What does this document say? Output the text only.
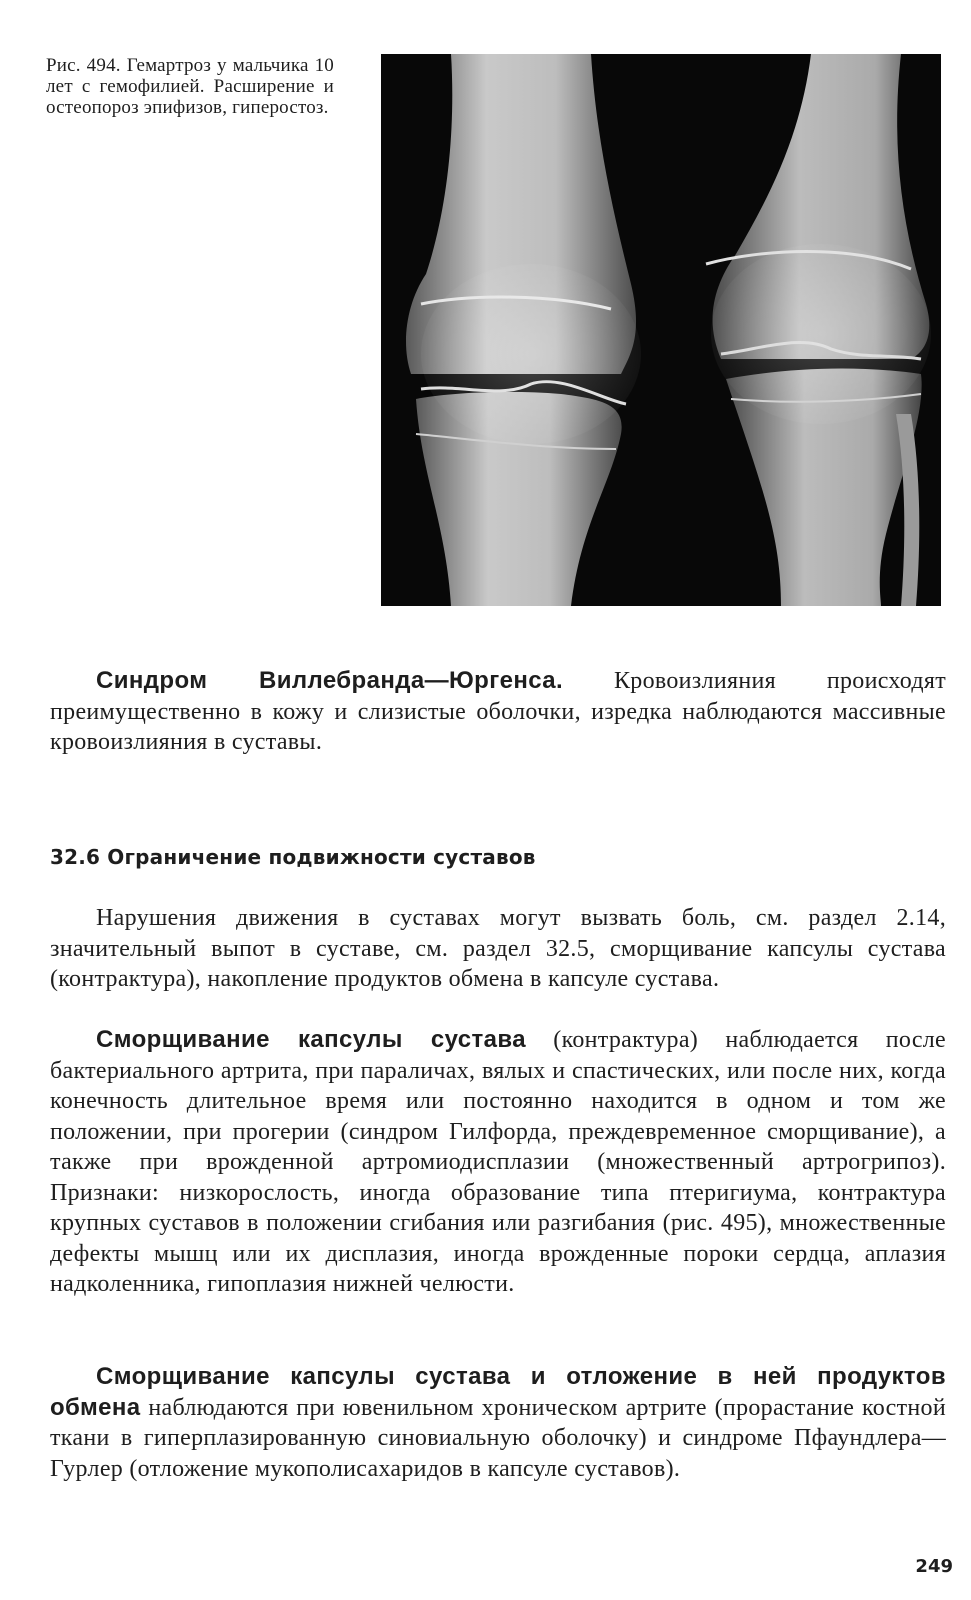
Рис. 494. Гемартроз у мальчика 10 лет с гемофилией. Расширение и остеопороз эпифизов, гиперостоз.

Синдром Виллебранда—Юргенса. Кровоизлияния происходят преимущественно в кожу и слизистые оболочки, изредка наблюдаются массивные кровоизлияния в суставы.

32.6 Ограничение подвижности суставов

Нарушения движения в суставах могут вызвать боль, см. раздел 2.14, значительный выпот в суставе, см. раздел 32.5, сморщивание капсулы сустава (контрактура), накопление продуктов обмена в капсуле сустава.

Сморщивание капсулы сустава (контрактура) наблюдается после бактериального артрита, при параличах, вялых и спастических, или после них, когда конечность длительное время или постоянно находится в одном и том же положении, при прогерии (синдром Гилфорда, преждевременное сморщивание), а также при врожденной артромиодисплазии (множественный артрогрипоз). Признаки: низкорослость, иногда образование типа птеригиума, контрактура крупных суставов в положении сгибания или разгибания (рис. 495), множественные дефекты мышц или их дисплазия, иногда врожденные пороки сердца, аплазия надколенника, гипоплазия нижней челюсти.

Сморщивание капсулы сустава и отложение в ней продуктов обмена наблюдаются при ювенильном хроническом артрите (прорастание костной ткани в гиперплазированную синовиальную оболочку) и синдроме Пфаундлера—Гурлер (отложение мукополисахаридов в капсуле суставов).

249
